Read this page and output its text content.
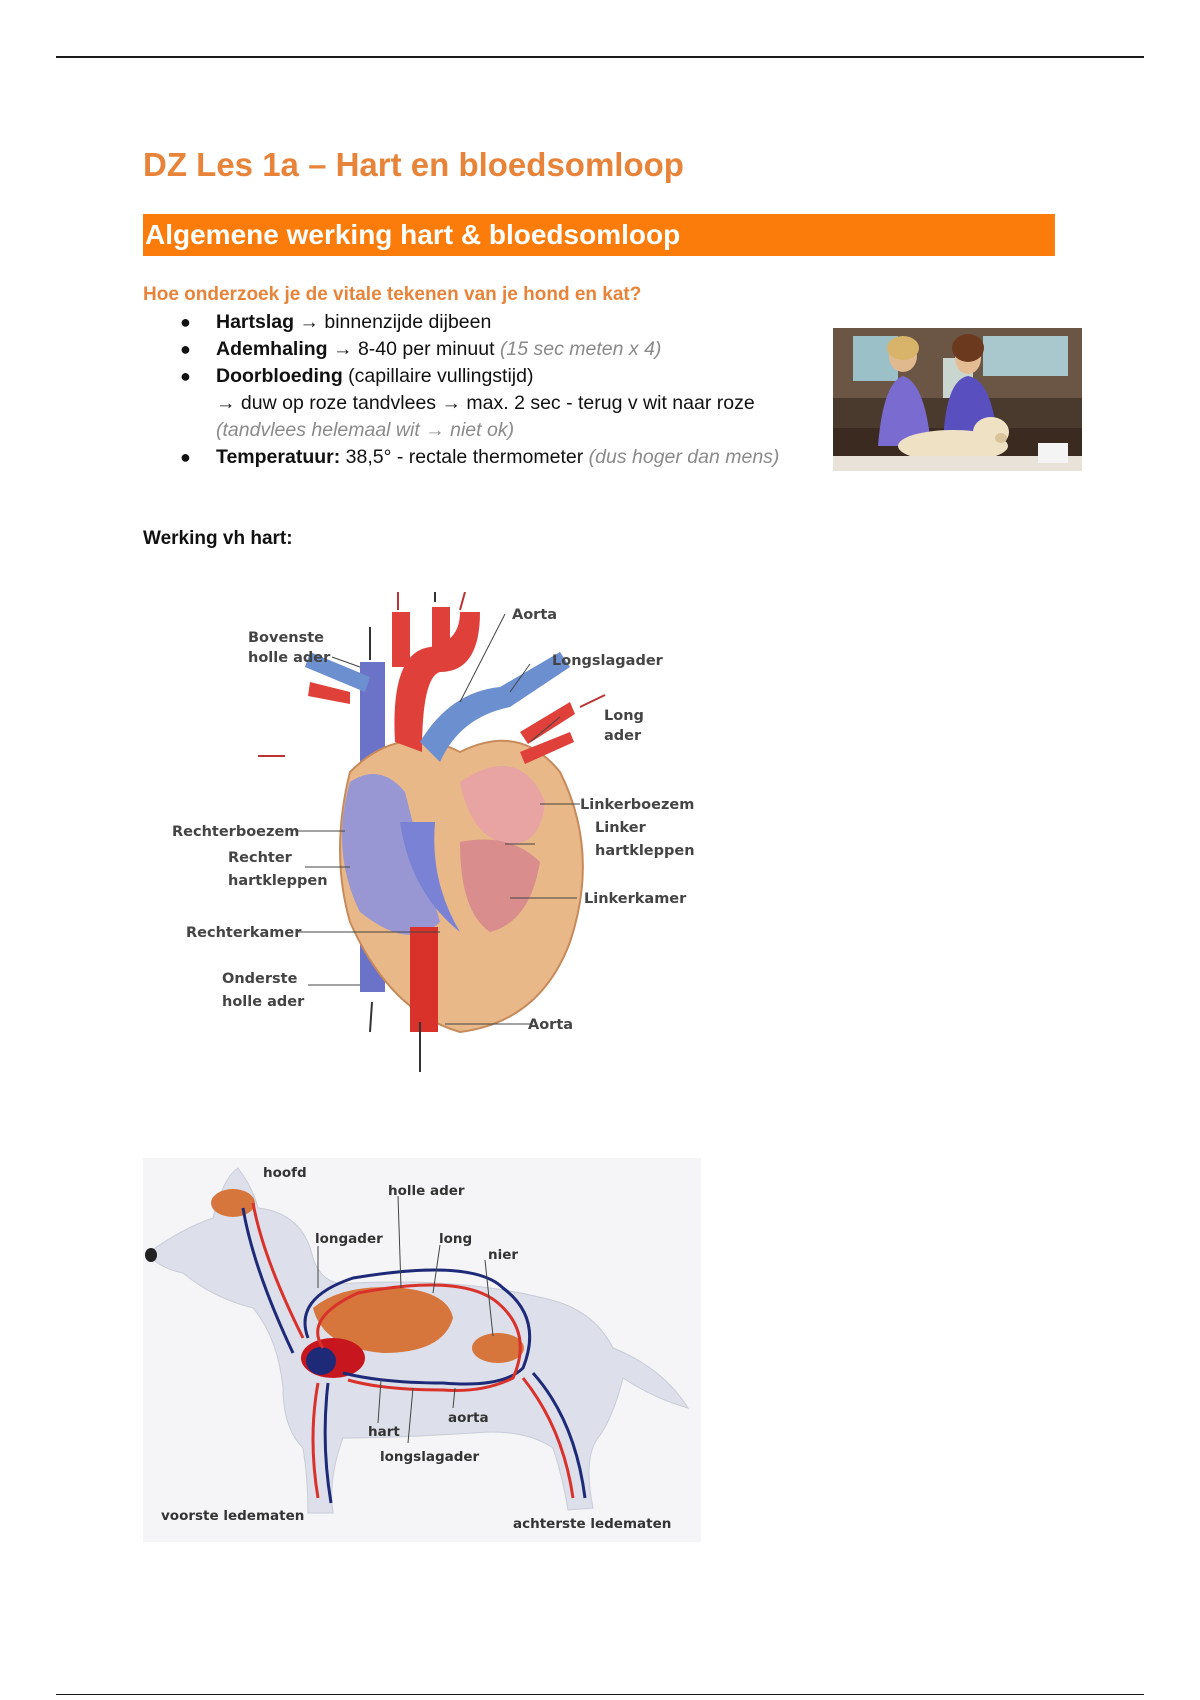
DZ Les 1a – Hart en bloedsomloop
Algemene werking hart & bloedsomloop
Hoe onderzoek je de vitale tekenen van je hond en kat?
● Hartslag → binnenzijde dijbeen
● Ademhaling → 8-40 per minuut (15 sec meten x 4)
● Doorbloeding (capillaire vullingstijd)
→ duw op roze tandvlees → max. 2 sec - terug v wit naar roze
(tandvlees helemaal wit → niet ok)
● Temperatuur: 38,5° - rectale thermometer (dus hoger dan mens)
Werking vh hart:
Bovenste
holle ader
Aorta
Longslagader
Long
ader
Linkerboezem
Linker
hartkleppen
Rechterboezem
Rechter
hartkleppen
Linkerkamer
Rechterkamer
Onderste
holle ader
Aorta
hoofd
holle ader
longader	long
nier
aorta
hart
longslagader
voorste ledematen	achterste ledematen
